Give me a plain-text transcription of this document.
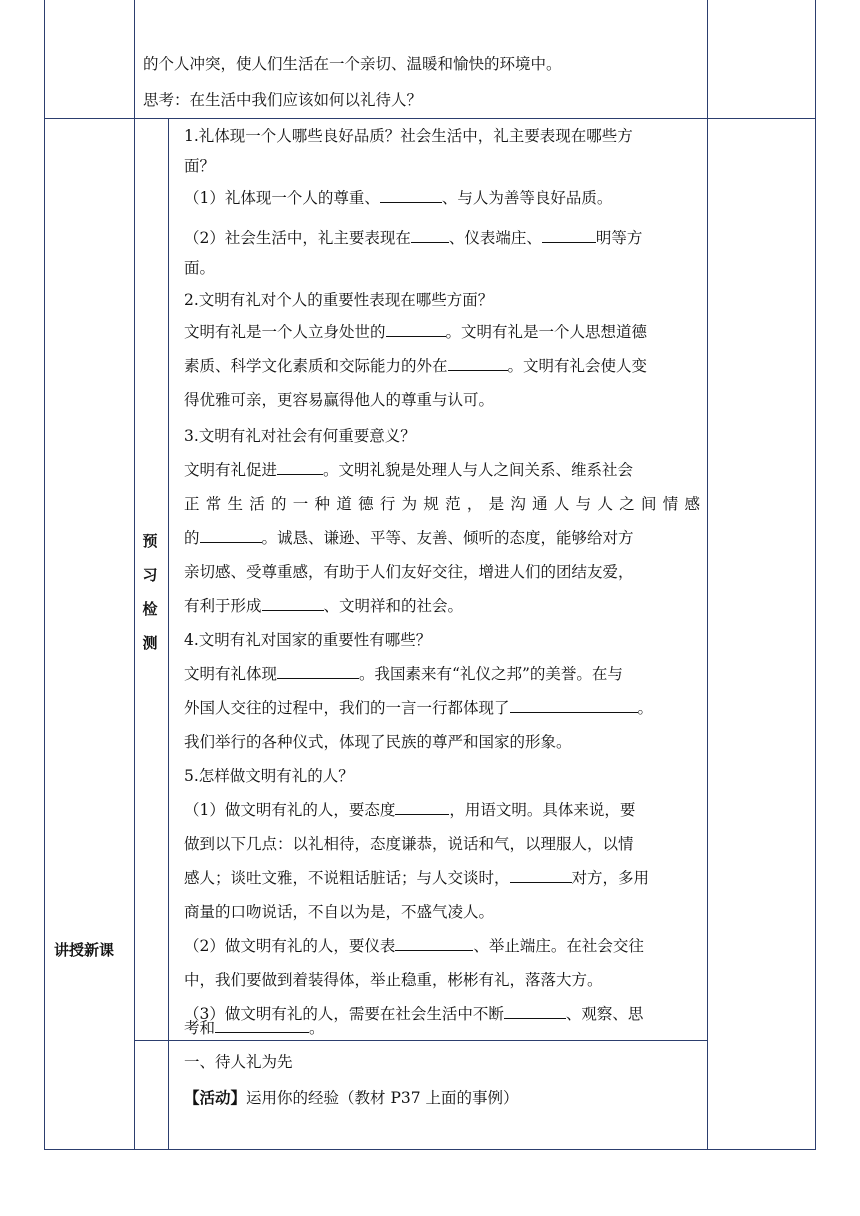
的个人冲突，使人们生活在一个亲切、温暖和愉快的环境中。
思考：在生活中我们应该如何以礼待人？
讲授新课
预
习
检
测
1.礼体现一个人哪些良好品质？社会生活中，礼主要表现在哪些方
面？
（1）礼体现一个人的尊重、	、与人为善等良好品质。
（2）社会生活中，礼主要表现在 、仪表端庄、	明等方
面。
2.文明有礼对个人的重要性表现在哪些方面？
文明有礼是一个人立身处世的	。文明有礼是一个人思想道德
素质、科学文化素质和交际能力的外在	。文明有礼会使人变
得优雅可亲，更容易赢得他人的尊重与认可。
3.文明有礼对社会有何重要意义？
文明有礼促进	。文明礼貌是处理人与人之间关系、维系社会
正常生活的一种道德行为规范，是沟通人与人之间情感
的	。诚恳、谦逊、平等、友善、倾听的态度，能够给对方
亲切感、受尊重感，有助于人们友好交往，增进人们的团结友爱，
有利于形成	、文明祥和的社会。
4.文明有礼对国家的重要性有哪些？
文明有礼体现	。我国素来有“礼仪之邦”的美誉。在与
外国人交往的过程中，我们的一言一行都体现了	。
我们举行的各种仪式，体现了民族的尊严和国家的形象。
5.怎样做文明有礼的人？
（1）做文明有礼的人，要态度	，用语文明。具体来说，要
做到以下几点：以礼相待，态度谦恭，说话和气，以理服人，以情
感人；谈吐文雅，不说粗话脏话；与人交谈时，	对方，多用
商量的口吻说话，不自以为是，不盛气凌人。
（2）做文明有礼的人，要仪表	、举止端庄。在社会交往
中，我们要做到着装得体，举止稳重，彬彬有礼，落落大方。
（3）做文明有礼的人，需要在社会生活中不断	、观察、思
一、待人礼为先
【活动】运用你的经验（教材 P37 上面的事例）
考和	。
